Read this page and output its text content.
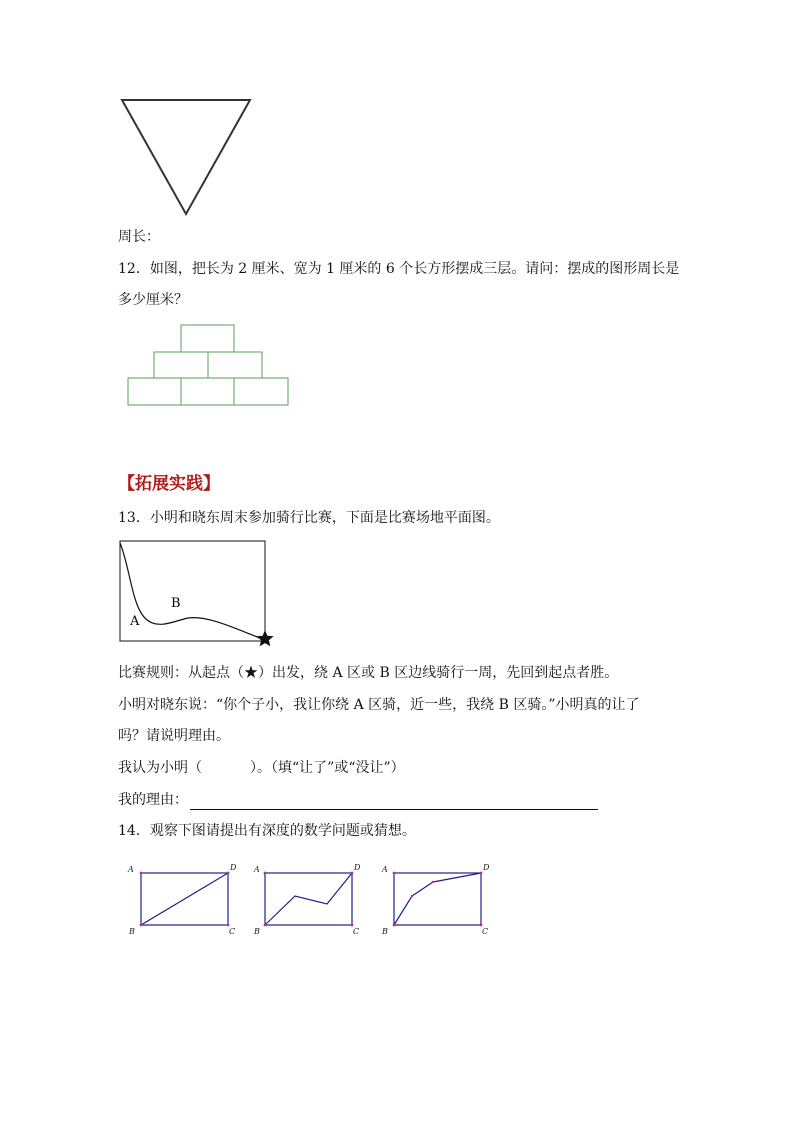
周长：
12．如图，把长为 2 厘米、宽为 1 厘米的 6 个长方形摆成三层。请问：摆成的图形周长是
多少厘米？
【拓展实践】
13．小明和晓东周末参加骑行比赛，下面是比赛场地平面图。
A
B
比赛规则：从起点（★）出发，绕 A 区或 B 区边线骑行一周，先回到起点者胜。
小明对晓东说：“你个子小，我让你绕 A 区骑，近一些，我绕 B 区骑。”小明真的让了
吗？请说明理由。
我认为小明（	）。（填“让了”或“没让”）
我的理由：
14．观察下图请提出有深度的数学问题或猜想。
A	D
B	C
A	D
B	C
A	D
B	C
